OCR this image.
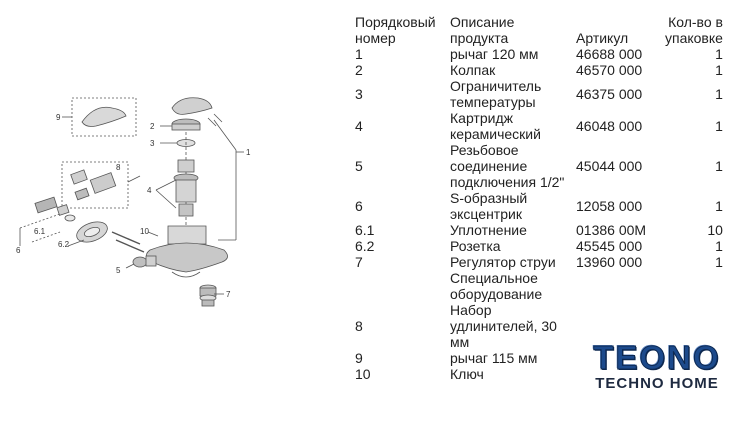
9
2
3
1
8
4
6.1
6.2
6
10
5
7
Порядковый номер	Описание продукта	Артикул	Кол-во в упаковке
1	рычаг 120 мм	46688 000	1
2	Колпак	46570 000	1
3	Ограничитель температуры	46375 000	1
4	Картридж керамический	46048 000	1
5	Резьбовое соединение подключения 1/2"	45044 000	1
6	S-образный эксцентрик	12058 000	1
6.1	Уплотнение	01386 00M	10
6.2	Розетка	45545 000	1
7	Регулятор струи	13960 000	1
	Специальное оборудование		
8	Набор удлинителей, 30 мм		
9	рычаг 115 мм		
10	Ключ			TEONO
TECHNO HOME
